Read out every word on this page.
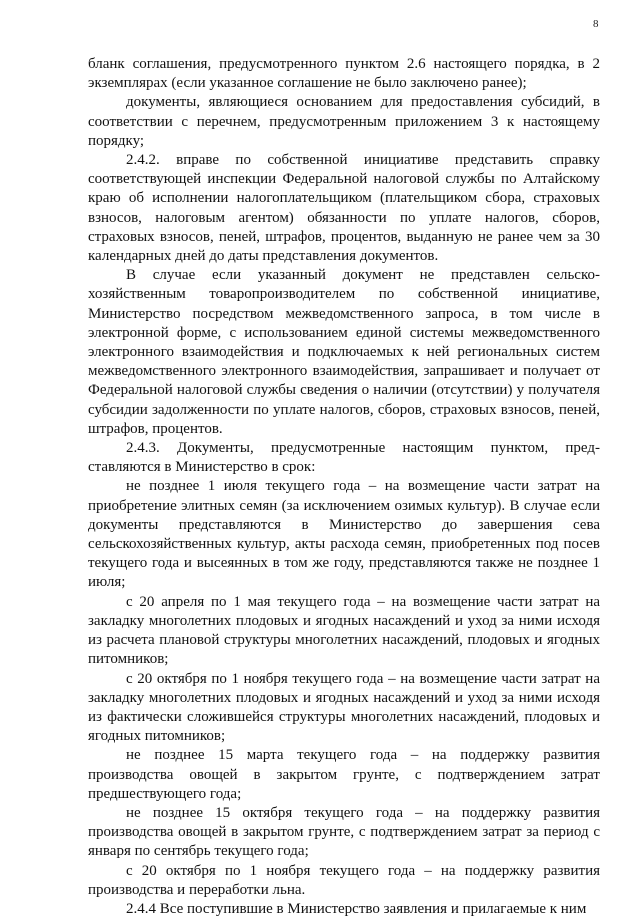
8

бланк соглашения, предусмотренного пунктом 2.6 настоящего порядка, в 2 экземплярах (если указанное соглашение не было заключено ранее);

документы, являющиеся основанием для предоставления субсидий, в соответствии с перечнем, предусмотренным приложением 3 к настоящему порядку;

2.4.2. вправе по собственной инициативе представить справку соответствующей инспекции Федеральной налоговой службы по Алтайскому краю об исполнении налогоплательщиком (плательщиком сбора, страховых взносов, налоговым агентом) обязанности по уплате налогов, сборов, страховых взносов, пеней, штрафов, процентов, выданную не ранее чем за 30 календарных дней до даты представления документов.

В случае если указанный документ не представлен сельско-хозяйственным товаропроизводителем по собственной инициативе, Министерство посредством межведомственного запроса, в том числе в электронной форме, с использованием единой системы межведомственного электронного взаимодействия и подключаемых к ней региональных систем межведомственного электронного взаимодействия, запрашивает и получает от Федеральной налоговой службы сведения о наличии (отсутствии) у получателя субсидии задолженности по уплате налогов, сборов, страховых взносов, пеней, штрафов, процентов.

2.4.3. Документы, предусмотренные настоящим пунктом, пред-ставляются в Министерство в срок:

не позднее 1 июля текущего года – на возмещение части затрат на приобретение элитных семян (за исключением озимых культур). В случае если документы представляются в Министерство до завершения сева сельскохозяйственных культур, акты расхода семян, приобретенных под посев текущего года и высеянных в том же году, представляются также не позднее 1 июля;

с 20 апреля по 1 мая текущего года – на возмещение части затрат на закладку многолетних плодовых и ягодных насаждений и уход за ними исходя из расчета плановой структуры многолетних насаждений, плодовых и ягодных питомников;

с 20 октября по 1 ноября текущего года – на возмещение части затрат на закладку многолетних плодовых и ягодных насаждений и уход за ними исходя из фактически сложившейся структуры многолетних насаждений, плодовых и ягодных питомников;

не позднее 15 марта текущего года – на поддержку развития производства овощей в закрытом грунте, с подтверждением затрат предшествующего года;

не позднее 15 октября текущего года – на поддержку развития производства овощей в закрытом грунте, с подтверждением затрат за период с января по сентябрь текущего года;

с 20 октября по 1 ноября текущего года – на поддержку развития производства и переработки льна.

2.4.4 Все поступившие в Министерство заявления и прилагаемые к ним
